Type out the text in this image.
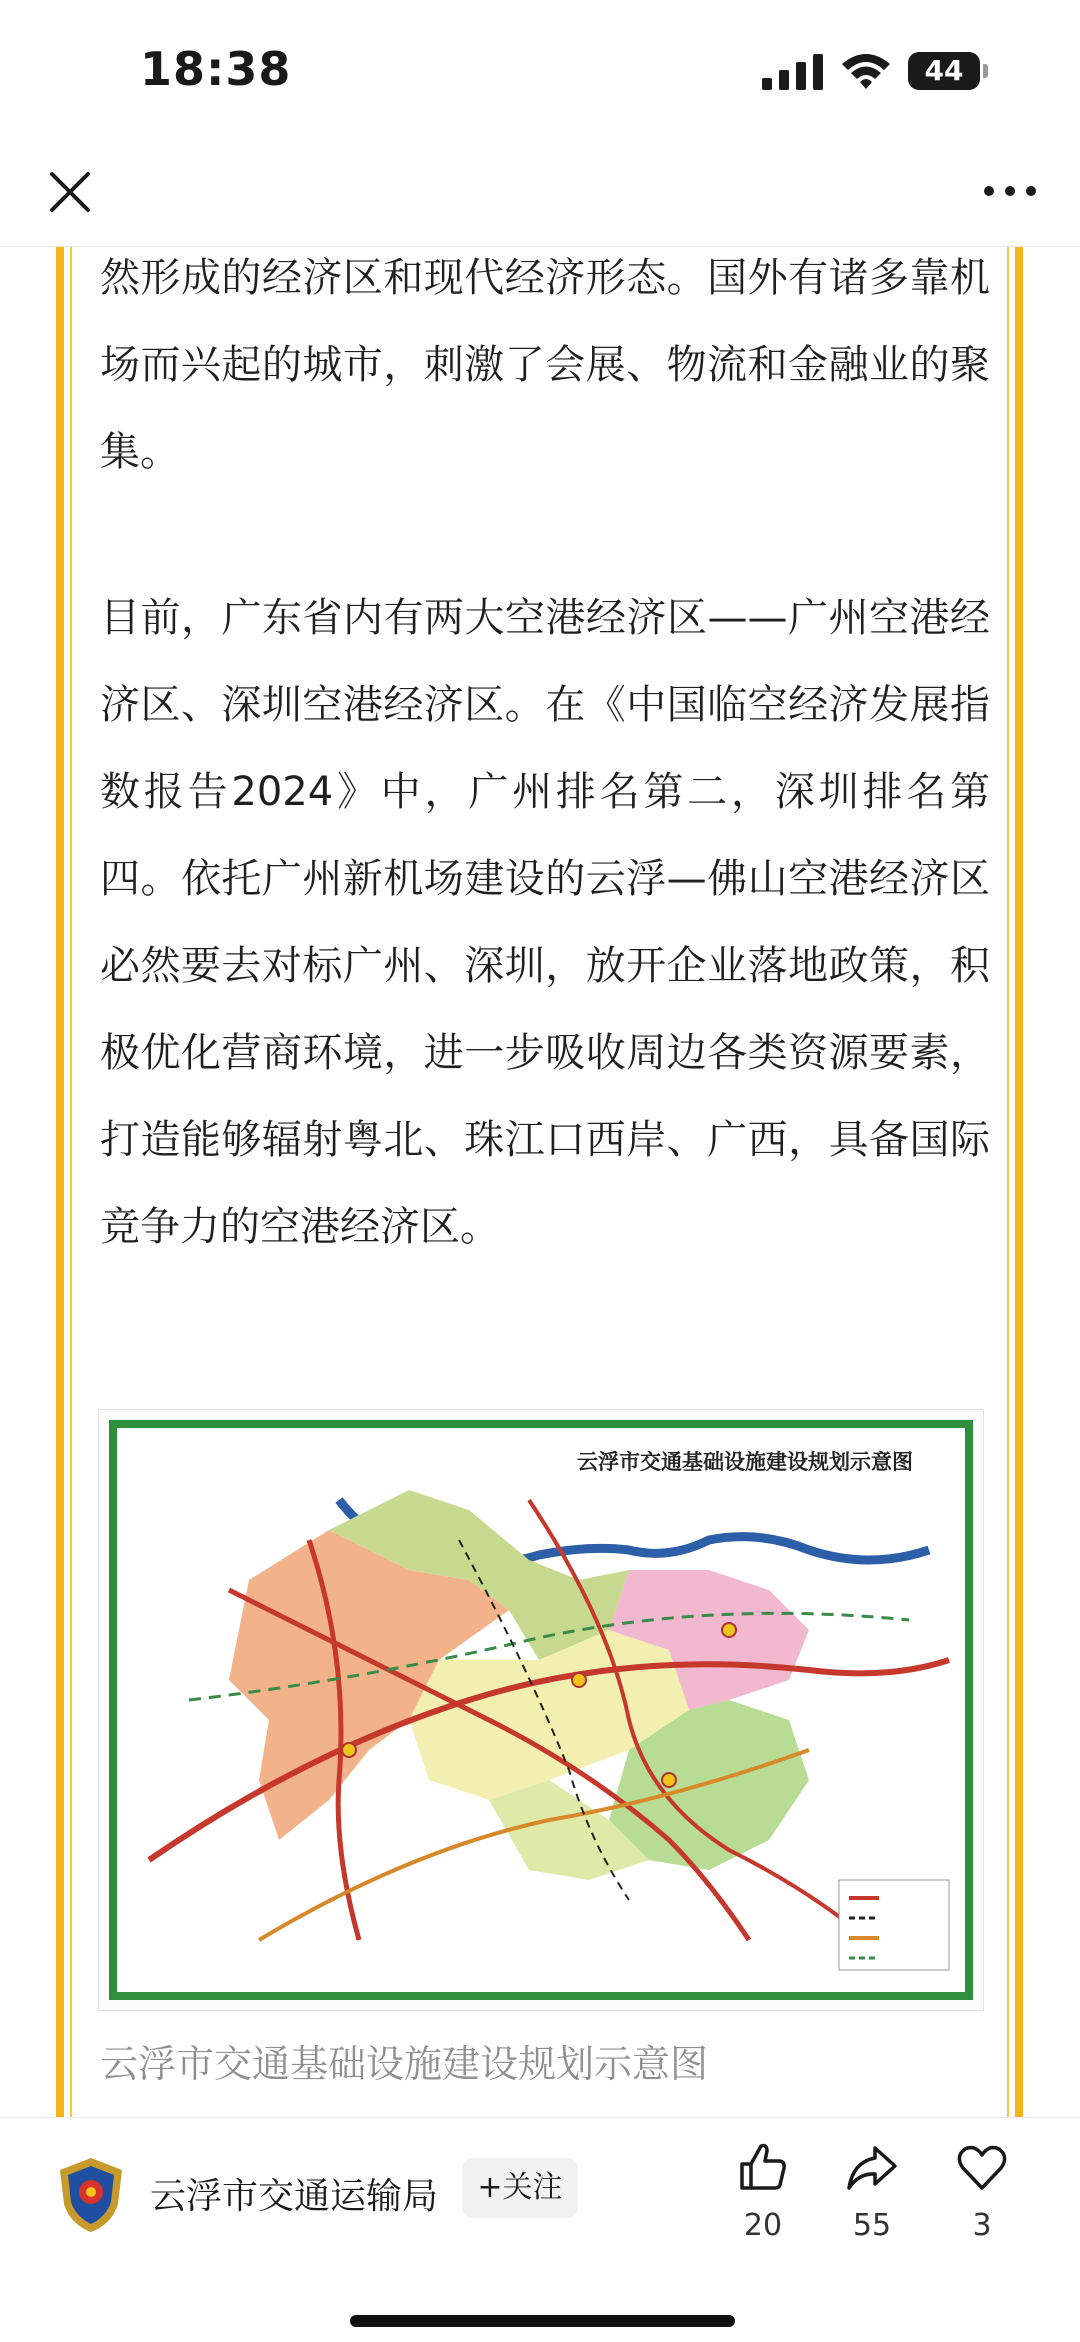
18:38	44

然形成的经济区和现代经济形态。国外有诸多靠机场而兴起的城市，刺激了会展、物流和金融业的聚集。

目前，广东省内有两大空港经济区——广州空港经济区、深圳空港经济区。在《中国临空经济发展指数报告2024》中，广州排名第二，深圳排名第四。依托广州新机场建设的云浮—佛山空港经济区必然要去对标广州、深圳，放开企业落地政策，积极优化营商环境，进一步吸收周边各类资源要素，打造能够辐射粤北、珠江口西岸、广西，具备国际竞争力的空港经济区。

云浮市交通基础设施建设规划示意图
云浮市交通基础设施建设规划示意图
云浮市交通运输局	+关注
20	55	3
